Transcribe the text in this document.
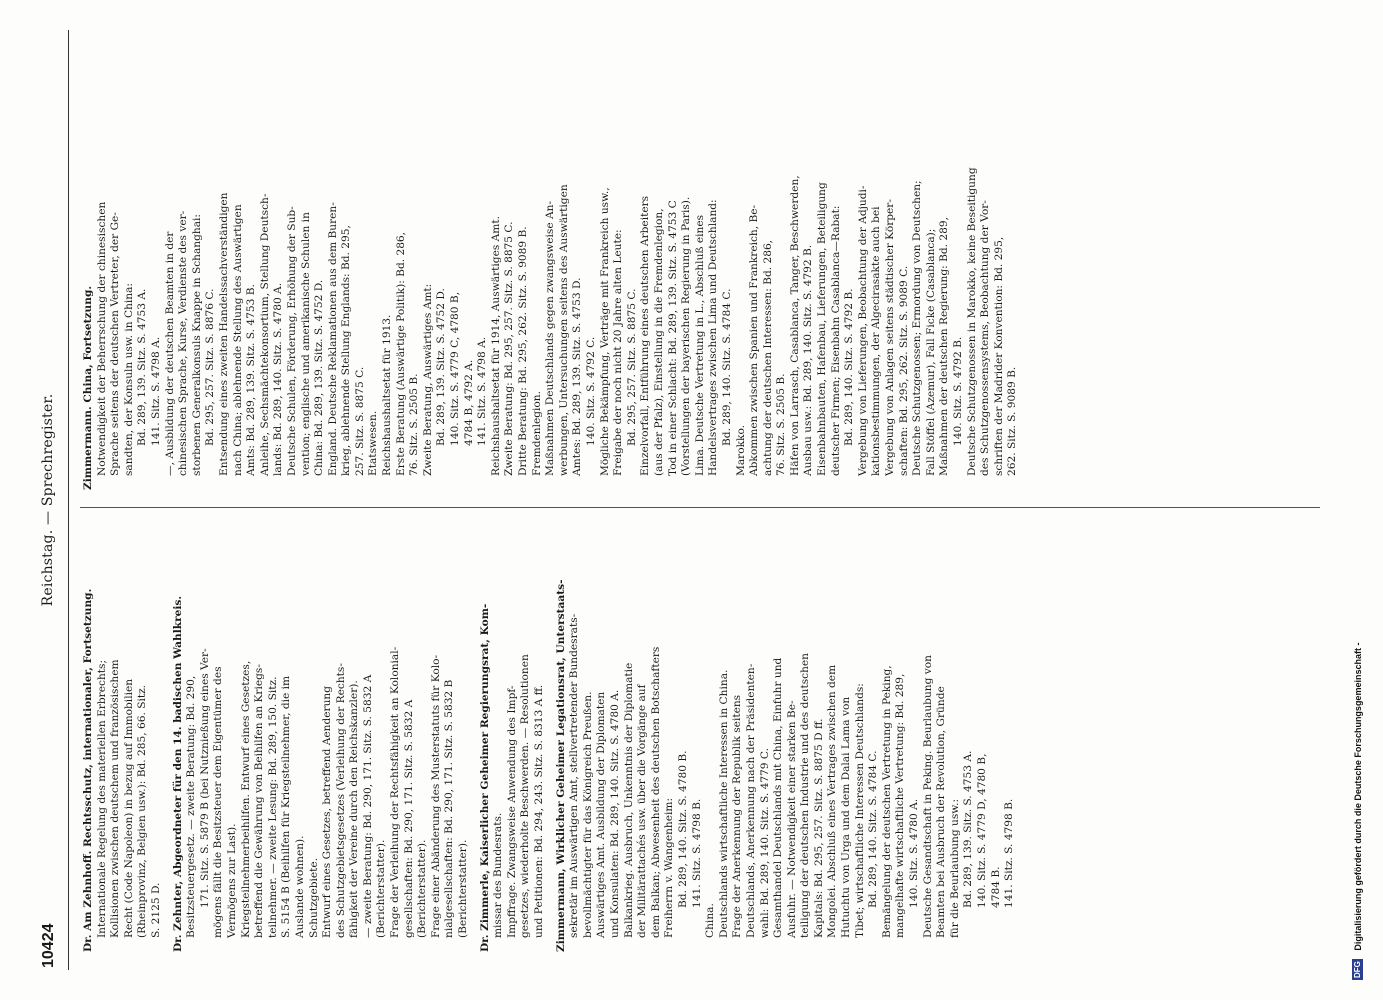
10424
Reichstag. — Sprechregister.
Dr. Am Zehnhoff. Rechtsschutz, internationaler, Fortsetzung. Internationale Regelung des materiellen Erbrechts; Kollisionen zwischen deutschem und französischem Recht (Code Napoleon) in bezug auf Immobilien (Rheinprovinz, Belgien usw.): Bd. 285, 66. Sitz. S. 2125 D. Dr. Zehnter, Abgeordneter für den 14. badischen Wahlkreis. Besitzsteuergesetz. — zweite Beratung: Bd. 290, 171. Sitz. S. 5879 B (bei Nutznießung eines Ver- mögens fällt die Besitzsteuer dem Eigentümer des Vermögens zur Last). Kriegsteilnehmerbeihilfen. Entwurf eines Gesetzes, betreffend die Gewährung von Beihilfen an Kriegs- teilnehmer. — zweite Lesung: Bd. 289, 150. Sitz. S. 5154 B (Beihilfen für Kriegsteilnehmer, die im Auslande wohnen). Schutzgebiete. Entwurf eines Gesetzes, betreffend Aenderung des Schutzgebietsgesetzes (Verleihung der Rechts- fähigkeit der Vereine durch den Reichskanzler). — zweite Beratung: Bd. 290, 171. Sitz. S. 5832 A (Berichterstatter). Frage der Verleihung der Rechtsfähigkeit an Kolonial- gesellschaften: Bd. 290, 171. Sitz. S. 5832 A (Berichterstatter). Frage einer Abänderung des Musterstatuts für Kolo- nialgesellschaften: Bd. 290, 171. Sitz. S. 5832 B (Berichterstatter). Dr. Zimmerle, Kaiserlicher Geheimer Regierungsrat, Kom- missar des Bundesrats. Impffrage. Zwangsweise Anwendung des Impf- gesetzes, wiederholte Beschwerden. — Resolutionen und Petitionen: Bd. 294, 243. Sitz. S. 8313 A ff. Zimmermann, Wirklicher Geheimer Legationsrat, Unterstaats- sekretär im Auswärtigen Amt, stellvertretender Bundesrats- bevollmächtigter für das Königreich Preußen. Auswärtiges Amt. Ausbildung der Diplomaten und Konsulaten: Bd. 289, 140. Sitz. S. 4780 A. Balkankrieg. Ausbruch, Unkenntnis der Diplomatie der Militärattachés usw. über die Vorgänge auf dem Balkan; Abwesenheit des deutschen Botschafters Freiherrn v. Wangenheim: Bd. 289, 140. Sitz. S. 4780 B. 141. Sitz. S. 4798 B.
China. Deutschlands wirtschaftliche Interessen in China. Frage der Anerkennung der Republik seitens Deutschlands, Anerkennung nach der Präsidenten- wahl: Bd. 289, 140. Sitz. S. 4779 C. Gesamthandel Deutschlands mit China, Einfuhr und Ausfuhr. — Notwendigkeit einer starken Be- teiligung der deutschen Industrie und des deutschen Kapitals: Bd. 295, 257. Sitz. S. 8875 D ff. Mongolei. Abschluß eines Vertrages zwischen dem Hutuchtu von Urga und dem Dalai Lama von Tibet; wirtschaftliche Interessen Deutschlands: Bd. 289, 140. Sitz. S. 4784 C. Bemängelung der deutschen Vertretung in Peking, mangelhafte wirtschaftliche Vertretung: Bd. 289, 140. Sitz. S. 4780 A. Deutsche Gesandtschaft in Peking. Beurlaubung von Beamten bei Ausbruch der Revolution, Gründe für die Beurlaubung usw.: Bd. 289, 139. Sitz. S. 4753 A. 140. Sitz. S. 4779 D, 4780 B, 4784 B. 141. Sitz. S. 4798 B.
Zimmermann. China, Fortsetzung. Notwendigkeit der Beherrschung der chinesischen Sprache seitens der deutschen Vertreter, der Ge- sandten, der Konsuln usw. in China: Bd. 289, 139. Sitz. S. 4753 A. 141. Sitz. S. 4798 A. —, Ausbildung der deutschen Beamten in der chinesischen Sprache, Kurse, Verdienste des ver- storbenen Generalkonsuls Knappe in Schanghai: Bd. 295, 257. Sitz. S. 8876 C. Entsendung eines zweiten Handelssachverständigen nach China; ablehnende Stellung des Auswärtigen Amts: Bd. 289, 139. Sitz. S. 4753 B. Anleihe, Sechsmächtekonsortium, Stellung Deutsch- lands: Bd. 289, 140. Sitz. S. 4780 A. Deutsche Schulen, Förderung, Erhöhung der Sub- vention; englische und amerikanische Schulen in China: Bd. 289, 139. Sitz. S. 4752 D. England. Deutsche Reklamationen aus dem Buren- krieg, ablehnende Stellung Englands: Bd. 295, 257. Sitz. S. 8875 C. Etatswesen. Reichshaushaltsetat für 1913. Erste Beratung (Auswärtige Politik): Bd. 286, 76. Sitz. S. 2505 B. Zweite Beratung, Auswärtiges Amt: Bd. 289, 139. Sitz. S. 4752 D. 140. Sitz. S. 4779 C, 4780 B, 4784 B, 4792 A. 141. Sitz. S. 4798 A. Reichshaushaltsetat für 1914, Auswärtiges Amt. Zweite Beratung: Bd. 295, 257. Sitz. S. 8875 C. Dritte Beratung: Bd. 295, 262. Sitz. S. 9089 B. Fremdenlegion. Maßnahmen Deutschlands gegen zwangsweise An- werbungen, Untersuchungen seitens des Auswärtigen Amtes: Bd. 289, 139. Sitz. S. 4753 D. 140. Sitz. S. 4792 C. Mögliche Bekämpfung, Verträge mit Frankreich usw., Freigabe der noch nicht 20 Jahre alten Leute: Bd. 295, 257. Sitz. S. 8875 C. Einzelvorfall, Entführung eines deutschen Arbeiters (aus der Pfalz), Einstellung in die Fremdenlegion, Tod in einer Schlacht: Bd. 289, 139. Sitz. S. 4753 C (Vorstellungen der bayerischen Regierung in Paris). Lima. Deutsche Vertretung in L., Abschluß eines Handelsvertrages zwischen Lima und Deutschland: Bd. 289, 140. Sitz. S. 4784 C.
Marokko. Abkommen zwischen Spanien und Frankreich, Be- achtung der deutschen Interessen: Bd. 286, 76. Sitz. S. 2505 B. Häfen von Larrasch, Casablanca, Tanger, Beschwerden, Ausbau usw.: Bd. 289, 140. Sitz. S. 4792 B. Eisenbahnbauten, Hafenbau, Lieferungen, Beteiligung deutscher Firmen; Eisenbahn Casablanca—Rabat: Bd. 289, 140. Sitz. S. 4792 B. Vergebung von Lieferungen, Beobachtung der Adjudi- kationsbestimmungen, der Algecirasakte auch bei Vergebung von Anlagen seitens städtischer Körper- schaften: Bd. 295, 262. Sitz. S. 9089 C. Deutsche Schutzgenossen; Ermordung von Deutschen; Fall Stöffel (Azemur), Fall Ficke (Casablanca); Maßnahmen der deutschen Regierung: Bd. 289, 140. Sitz. S. 4792 B. Deutsche Schutzgenossen in Marokko, keine Beseitigung des Schutzgenossensystems, Beobachtung der Vor- schriften der Madrider Konvention: Bd. 295, 262. Sitz. S. 9089 B.
DFG Digitalisierung gefördert durch die Deutsche Forschungsgemeinschaft -
